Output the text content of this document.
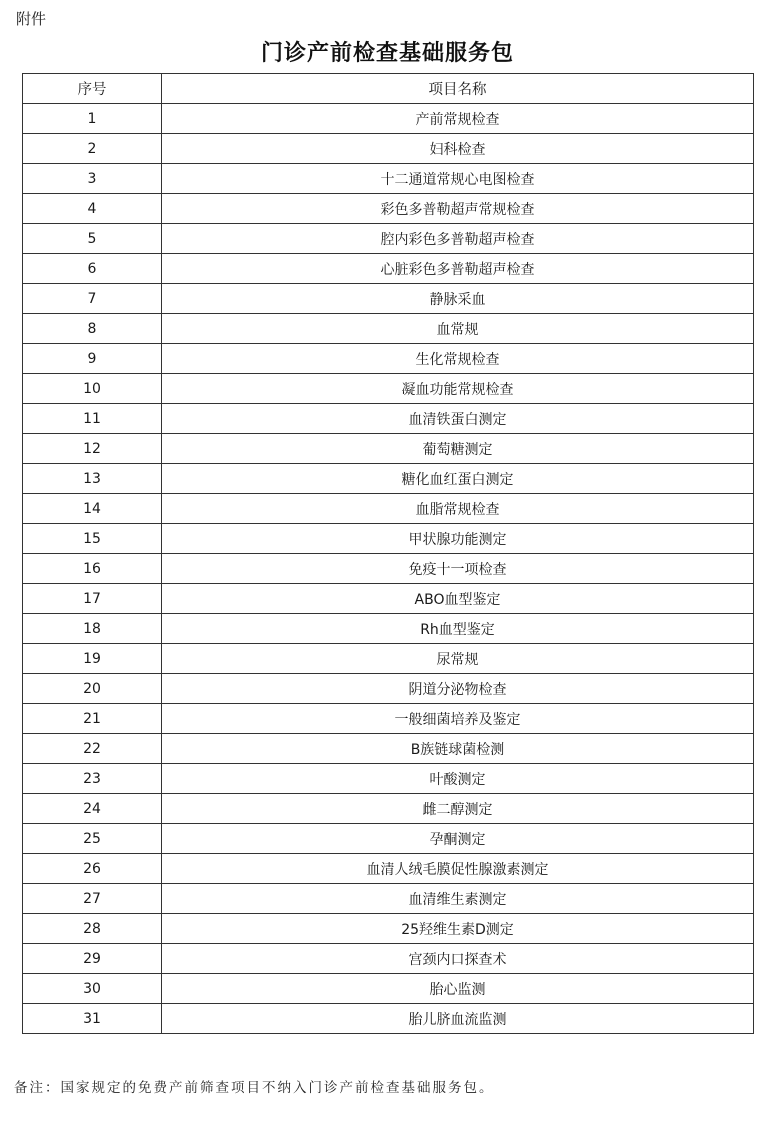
附件
门诊产前检查基础服务包
序号	项目名称
1	产前常规检查
2	妇科检查
3	十二通道常规心电图检查
4	彩色多普勒超声常规检查
5	腔内彩色多普勒超声检查
6	心脏彩色多普勒超声检查
7	静脉采血
8	血常规
9	生化常规检查
10	凝血功能常规检查
11	血清铁蛋白测定
12	葡萄糖测定
13	糖化血红蛋白测定
14	血脂常规检查
15	甲状腺功能测定
16	免疫十一项检查
17	ABO血型鉴定
18	Rh血型鉴定
19	尿常规
20	阴道分泌物检查
21	一般细菌培养及鉴定
22	B族链球菌检测
23	叶酸测定
24	雌二醇测定
25	孕酮测定
26	血清人绒毛膜促性腺激素测定
27	血清维生素测定
28	25羟维生素D测定
29	宫颈内口探查术
30	胎心监测
31	胎儿脐血流监测
备注：国家规定的免费产前筛查项目不纳入门诊产前检查基础服务包。
